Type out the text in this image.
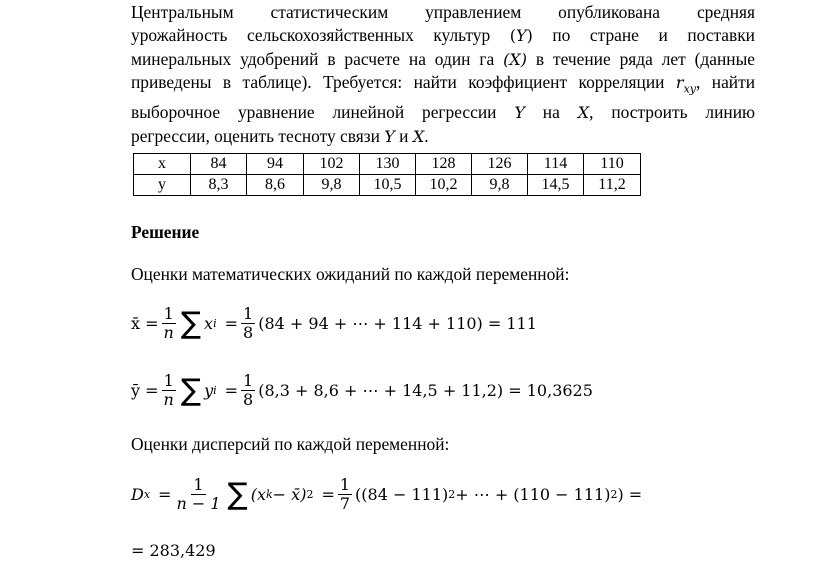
Центральным статистическим управлением опубликована средняя
урожайность сельскохозяйственных культур (Y) по стране и поставки
минеральных удобрений в расчете на один га (X) в течение ряда лет (данные
приведены в таблице). Требуется: найти коэффициент корреляции $r_{xy}$, найти
выборочное уравнение линейной регрессии Y на X, построить линию
регрессии, оценить тесноту связи Y и X.
x	84	94	102	130	128	126	114	110
y	8,3	8,6	9,8	10,5	10,2	9,8	14,5	11,2

Решение

Оценки математических ожиданий по каждой переменной:

x̄ = $\frac{1}{n}$ ∑ x $i = \frac{1}{8} (84 + 94$ + ⋯ + 114 + 110) = 111
ȳ = $\frac{1}{n}$ ∑ y $i = \frac{1}{8} (8,3 + 8,6$ + ⋯ + 14,5 + 11,2) = 10,3625

Оценки дисперсий по каждой переменной:

D $x = \frac{1}{n - 1}$ ∑ (x k − x̄) $2 = \frac{1}{7} ((84 - 111) 2$ + ⋯ + (110 − 111) 2 ) =
= 283,429
